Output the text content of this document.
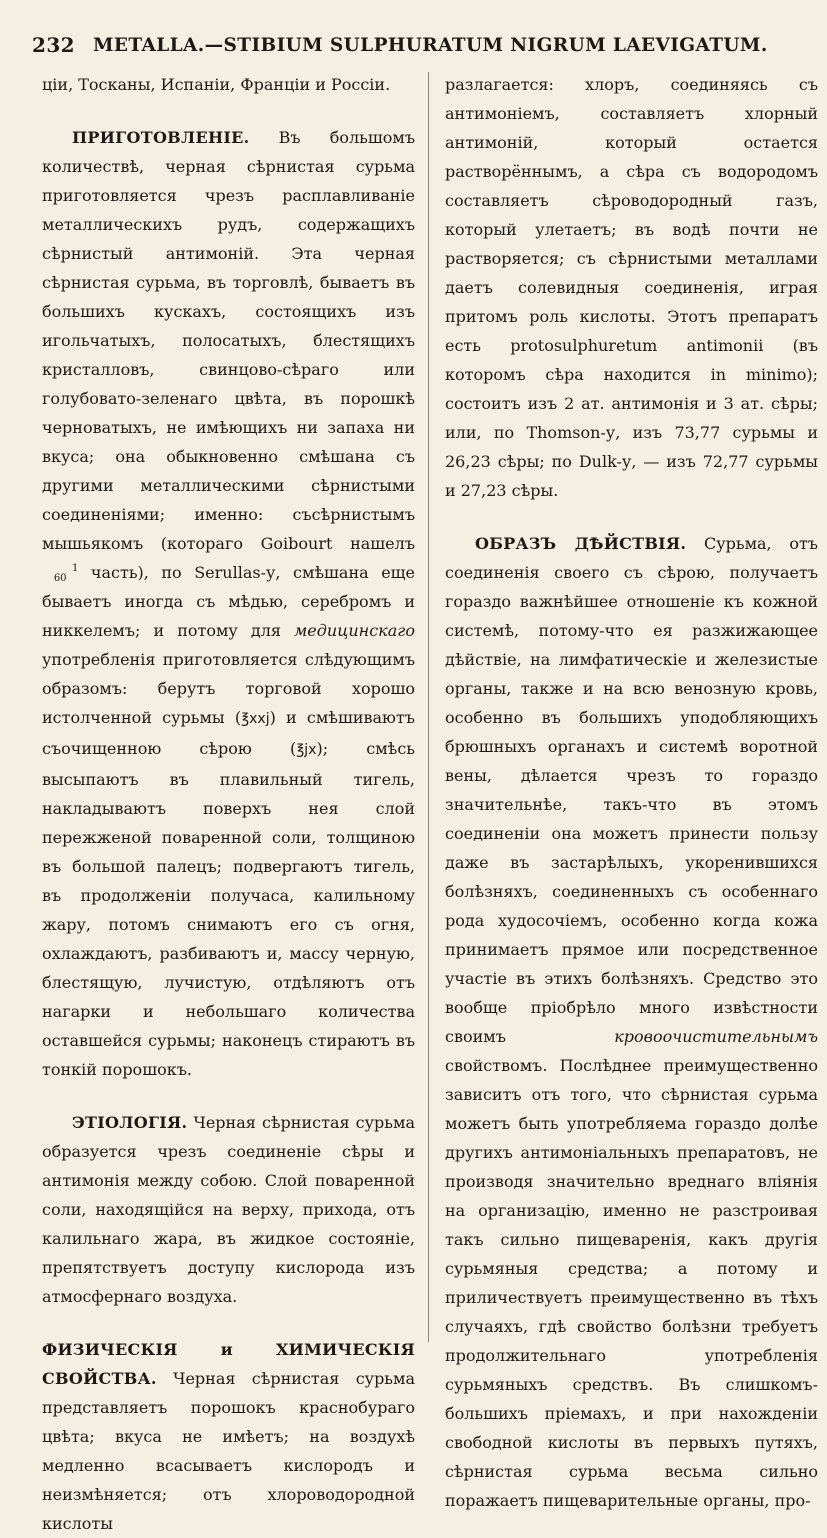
232 METALLA.—STIBIUM SULPHURATUM NIGRUM LAEVIGATUM.

ціи, Тосканы, Испаніи, Франціи и Россіи.

ПРИГОТОВЛЕНІЕ. Въ большомъ количествѣ, черная сѣрнистая сурьма приготовляется чрезъ расплавливаніе металлическихъ рудъ, содержащихъ сѣрнистый антимоній. Эта черная сѣрнистая сурьма, въ торговлѣ, бываетъ въ большихъ кускахъ, состоящихъ изъ игольчатыхъ, полосатыхъ, блестящихъ кристалловъ, свинцово-сѣраго или голубовато-зеленаго цвѣта, въ порошкѣ черноватыхъ, не имѣющихъ ни запаха ни вкуса; она обыкновенно смѣшана съ другими металлическими сѣрнистыми соединеніями; именно: съсѣрнистымъ мышьякомъ (котораго Goibourt нашелъ 1
60 часть), по Serullas-у, смѣшана еще бываетъ иногда съ мѣдью, серебромъ и никкелемъ; и потому для медицинскаго употребленія приготовляется слѣдующимъ образомъ: берутъ торговой хорошо истолченной сурьмы (℥xxj) и смѣшиваютъ съочищенною сѣрою (℥jx); смѣсь высыпаютъ въ плавильный тигель, накладываютъ поверхъ нея слой пережженой поваренной соли, толщиною въ большой палецъ; подвергаютъ тигель, въ продолженіи получаса, калильному жару, потомъ снимаютъ его съ огня, охлаждаютъ, разбиваютъ и, массу черную, блестящую, лучистую, отдѣляютъ отъ нагарки и небольшаго количества оставшейся сурьмы; наконецъ стираютъ въ тонкій порошокъ.

ЭТІОЛОГІЯ. Черная сѣрнистая сурьма образуется чрезъ соединеніе сѣры и антимонія между собою. Слой поваренной соли, находящійся на верху, прихода, отъ калильнаго жара, въ жидкое состояніе, препятствуетъ доступу кислорода изъ атмосфернаго воздуха.

ФИЗИЧЕСКІЯ и ХИМИЧЕСКІЯ СВОЙСТВА. Черная сѣрнистая сурьма представляетъ порошокъ краснобураго цвѣта; вкуса не имѣетъ; на воздухѣ медленно всасываетъ кислородъ и неизмѣняется; отъ хлороводородной кислоты

разлагается: хлоръ, соединяясь съ антимоніемъ, составляетъ хлорный антимоній, который остается растворённымъ, а сѣра съ водородомъ составляетъ сѣроводородный газъ, который улетаетъ; въ водѣ почти не растворяется; съ сѣрнистыми металлами даетъ солевидныя соединенія, играя притомъ роль кислоты. Этотъ препаратъ есть protosulphuretum antimonii (въ которомъ сѣра находится in minimo); состоитъ изъ 2 ат. антимонія и 3 ат. сѣры; или, по Thomson-у, изъ 73,77 сурьмы и 26,23 сѣры; по Dulk-у, — изъ 72,77 сурьмы и 27,23 сѣры.

ОБРАЗЪ ДѢЙСТВІЯ. Сурьма, отъ соединенія своего съ сѣрою, получаетъ гораздо важнѣйшее отношеніе къ кожной системѣ, потому-что ея разжижающее дѣйствіе, на лимфатическіе и железистые органы, также и на всю венозную кровь, особенно въ большихъ уподобляющихъ брюшныхъ органахъ и системѣ воротной вены, дѣлается чрезъ то гораздо значительнѣе, такъ-что въ этомъ соединеніи она можетъ принести пользу даже въ застарѣлыхъ, укоренившихся болѣзняхъ, соединенныхъ съ особеннаго рода худосочіемъ, особенно когда кожа принимаетъ прямое или посредственное участіе въ этихъ болѣзняхъ. Средство это вообще пріобрѣло много извѣстности своимъ кровоочистительнымъ свойствомъ. Послѣднее преимущественно зависитъ отъ того, что сѣрнистая сурьма можетъ быть употребляема гораздо долѣе другихъ антимоніальныхъ препаратовъ, не производя значительно вреднаго вліянія на организацію, именно не разстроивая такъ сильно пищеваренія, какъ другія сурьмяныя средства; а потому и приличествуетъ преимущественно въ тѣхъ случаяхъ, гдѣ свойство болѣзни требуетъ продолжительнаго употребленія сурьмяныхъ средствъ. Въ слишкомъ-большихъ пріемахъ, и при нахожденіи свободной кислоты въ первыхъ путяхъ, сѣрнистая сурьма весьма сильно поражаетъ пищеварительные органы, про-
